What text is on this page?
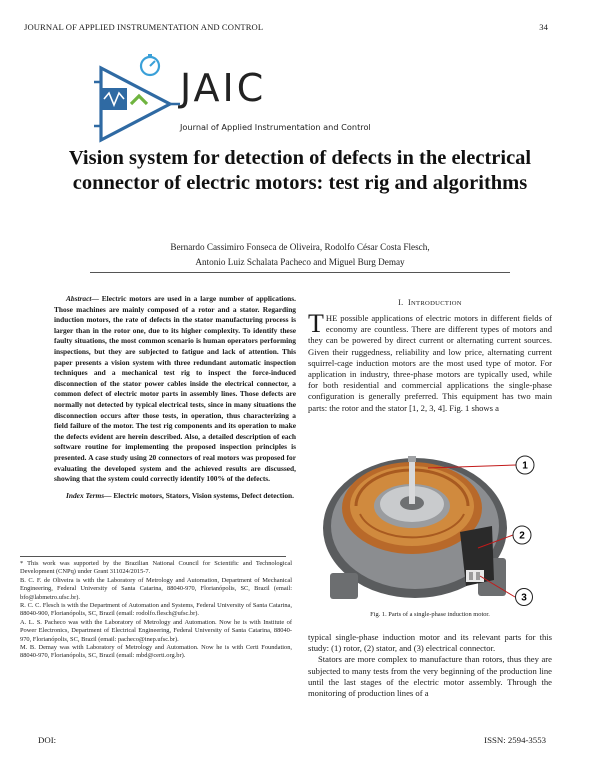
JOURNAL OF APPLIED INSTRUMENTATION AND CONTROL	34
JAIC
Journal of Applied Instrumentation and Control
Vision system for detection of defects in the electrical connector of electric motors: test rig and algorithms
Bernardo Cassimiro Fonseca de Oliveira, Rodolfo César Costa Flesch,
Antonio Luiz Schalata Pacheco and Miguel Burg Demay

Abstract— Electric motors are used in a large number of applications. Those machines are mainly composed of a rotor and a stator. Regarding induction motors, the rate of defects in the stator manufacturing process is larger than in the rotor one, due to its higher complexity. To identify these faulty situations, the most common scenario is human operators performing inspections, but they are subjected to fatigue and lack of attention. This paper presents a vision system with three redundant automatic inspection techniques and a mechanical test rig to inspect the force-induced disconnection of the stator power cables inside the electrical connector, a common defect of electric motor parts in assembly lines. Those defects are normally not detected by typical electrical tests, since in many situations the disconnection occurs after those tests, in operation, thus characterizing a field failure of the motor. The test rig components and its operation to make the defects evident are herein described. Also, a detailed description of each software routine for implementing the proposed inspection principles is presented. A case study using 20 connectors of real motors was proposed for evaluating the developed system and the achieved results are discussed, showing that the system could correctly identify 100% of the defects.

Index Terms— Electric motors, Stators, Vision systems, Defect detection.

* This work was supported by the Brazilian National Council for Scientific and Technological Development (CNPq) under Grant 311024/2015-7.

B. C. F. de Oliveira is with the Laboratory of Metrology and Automation, Department of Mechanical Engineering, Federal University of Santa Catarina, 88040-970, Florianópolis, SC, Brazil (email: bfo@labmetro.ufsc.br).

R. C. C. Flesch is with the Department of Automation and Systems, Federal University of Santa Catarina, 88040-900, Florianópolis, SC, Brazil (email: rodolfo.flesch@ufsc.br).

A. L. S. Pacheco was with the Laboratory of Metrology and Automation. Now he is with Institute of Power Electronics, Department of Electrical Engineering, Federal University of Santa Catarina, 88040-970, Florianópolis, SC, Brazil (email: pacheco@inep.ufsc.br).

M. B. Demay was with Laboratory of Metrology and Automation. Now he is with Certi Foundation, 88040-970, Florianópolis, SC, Brazil (email: mbd@certi.org.br).

I. INTRODUCTION

THE possible applications of electric motors in different fields of economy are countless. There are different types of motors and they can be powered by direct current or alternating current sources. Given their ruggedness, reliability and low price, alternating current squirrel-cage induction motors are the most used type of motor. For application in industry, three-phase motors are typically used, while for both residential and commercial applications the single-phase configuration is generally preferred. This equipment has two main parts: the rotor and the stator [1, 2, 3, 4]. Fig. 1 shows a

1
2
3
Fig. 1. Parts of a single-phase induction motor.

typical single-phase induction motor and its relevant parts for this study: (1) rotor, (2) stator, and (3) electrical connector.

Stators are more complex to manufacture than rotors, thus they are subjected to many tests from the very beginning of the production line until the last stages of the electric motor assembly. Through the monitoring of production lines of a

DOI:	ISSN: 2594-3553
